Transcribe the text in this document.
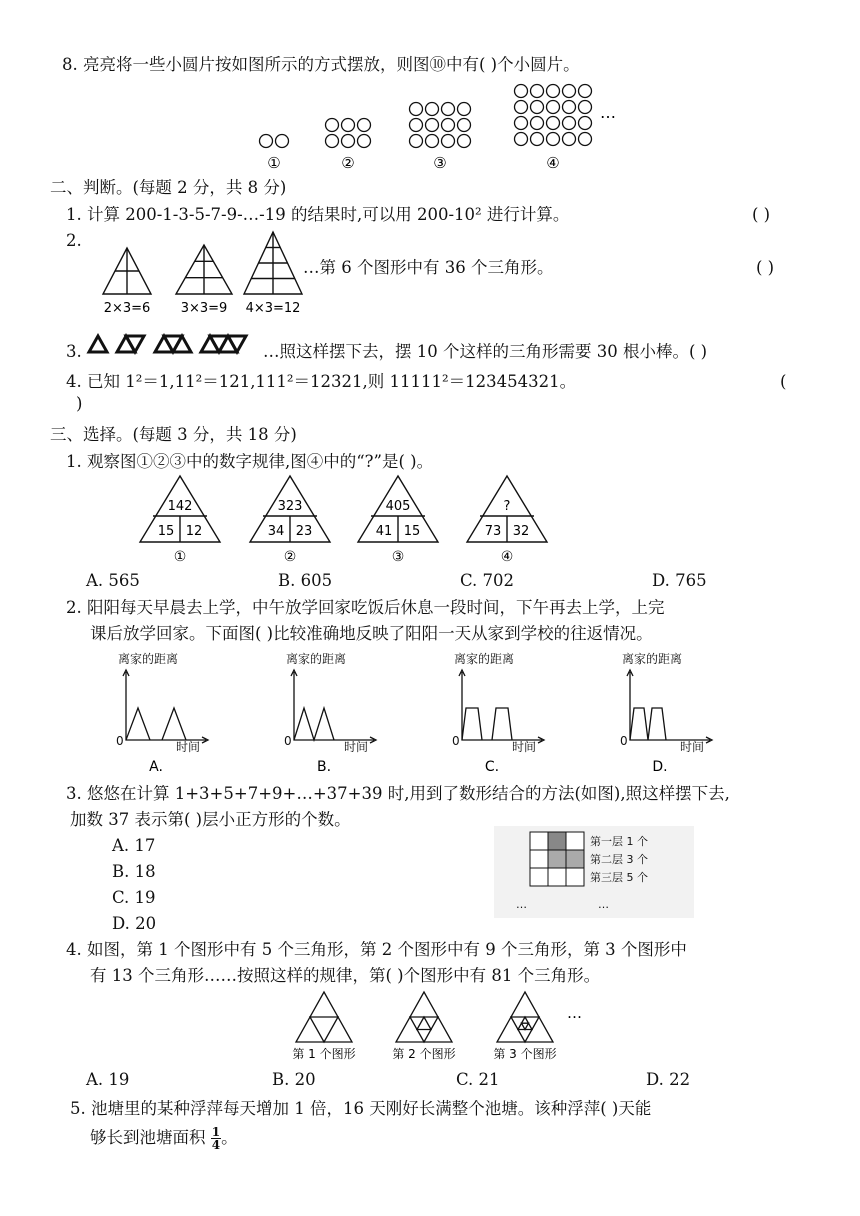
8. 亮亮将一些小圆片按如图所示的方式摆放，则图⑩中有( )个小圆片。
…
①	②	③	④
二、判断。(每题 2 分，共 8 分)
1. 计算 200-1-3-5-7-9-…-19 的结果时,可以用 200-10² 进行计算。	( )
2.
2×3=6 3×3=9 4×3=12
…第 6 个图形中有 36 个三角形。	( )
3.	…照这样摆下去，摆 10 个这样的三角形需要 30 根小棒。( )
4. 已知 1²＝1,11²＝121,111²＝12321,则 11111²＝123454321。	(
)
三、选择。(每题 3 分，共 18 分)
1. 观察图①②③中的数字规律,图④中的“?”是( )。
142
15 12
①
323
34 23
②
405
41 15
③
?
73 32
④
A. 565	B. 605	C. 702	D. 765
2. 阳阳每天早晨去上学，中午放学回家吃饭后休息一段时间，下午再去上学，上完
课后放学回家。下面图( )比较准确地反映了阳阳一天从家到学校的往返情况。
离家的距离	离家的距离	离家的距离	离家的距离
0	0	0	0
时间	时间	时间	时间
A.	B.	C.	D.
3. 悠悠在计算 1+3+5+7+9+…+37+39 时,用到了数形结合的方法(如图),照这样摆下去,
加数 37 表示第( )层小正方形的个数。
A. 17
B. 18
C. 19
D. 20
第一层 1 个
第二层 3 个
第三层 5 个
…	…
4. 如图，第 1 个图形中有 5 个三角形，第 2 个图形中有 9 个三角形，第 3 个图形中
有 13 个三角形……按照这样的规律，第( )个图形中有 81 个三角形。
第 1 个图形	第 2 个图形	第 3 个图形
…
A. 19	B. 20	C. 21	D. 22
5. 池塘里的某种浮萍每天增加 1 倍，16 天刚好长满整个池塘。该种浮萍( )天能
够长到池塘面积 $\frac{1}{4}$ 。
